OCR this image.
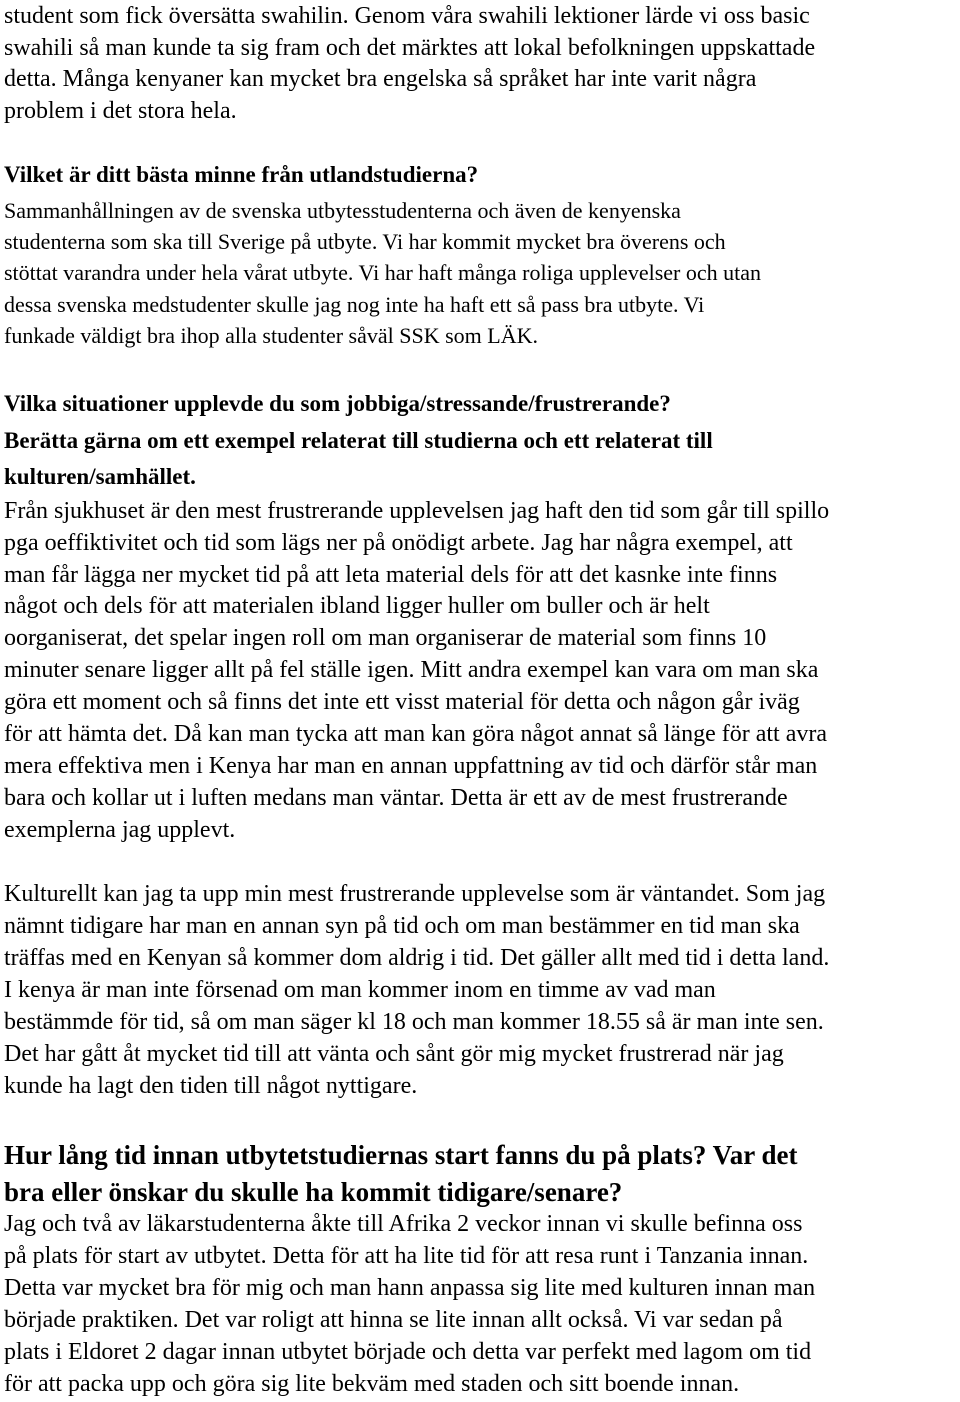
student som fick översätta swahilin. Genom våra swahili lektioner lärde vi oss basic
swahili så man kunde ta sig fram och det märktes att lokal befolkningen uppskattade
detta. Många kenyaner kan mycket bra engelska så språket har inte varit några
problem i det stora hela.
Vilket är ditt bästa minne från utlandstudierna?
Sammanhållningen av de svenska utbytesstudenterna och även de kenyenska
studenterna som ska till Sverige på utbyte. Vi har kommit mycket bra överens och
stöttat varandra under hela vårat utbyte. Vi har haft många roliga upplevelser och utan
dessa svenska medstudenter skulle jag nog inte ha haft ett så pass bra utbyte. Vi
funkade väldigt bra ihop alla studenter såväl SSK som LÄK.
Vilka situationer upplevde du som jobbiga/stressande/frustrerande?
Berätta gärna om ett exempel relaterat till studierna och ett relaterat till
kulturen/samhället.
Från sjukhuset är den mest frustrerande upplevelsen jag haft den tid som går till spillo
pga oeffiktivitet och tid som lägs ner på onödigt arbete. Jag har några exempel, att
man får lägga ner mycket tid på att leta material dels för att det kasnke inte finns
något och dels för att materialen ibland ligger huller om buller och är helt
oorganiserat, det spelar ingen roll om man organiserar de material som finns 10
minuter senare ligger allt på fel ställe igen. Mitt andra exempel kan vara om man ska
göra ett moment och så finns det inte ett visst material för detta och någon går iväg
för att hämta det. Då kan man tycka att man kan göra något annat så länge för att avra
mera effektiva men i Kenya har man en annan uppfattning av tid och därför står man
bara och kollar ut i luften medans man väntar. Detta är ett av de mest frustrerande
exemplerna jag upplevt.
Kulturellt kan jag ta upp min mest frustrerande upplevelse som är väntandet. Som jag
nämnt tidigare har man en annan syn på tid och om man bestämmer en tid man ska
träffas med en Kenyan så kommer dom aldrig i tid. Det gäller allt med tid i detta land.
I kenya är man inte försenad om man kommer inom en timme av vad man
bestämmde för tid, så om man säger kl 18 och man kommer 18.55 så är man inte sen.
Det har gått åt mycket tid till att vänta och sånt gör mig mycket frustrerad när jag
kunde ha lagt den tiden till något nyttigare.
Hur lång tid innan utbytetstudiernas start fanns du på plats? Var det
bra eller önskar du skulle ha kommit tidigare/senare?
Jag och två av läkarstudenterna åkte till Afrika 2 veckor innan vi skulle befinna oss
på plats för start av utbytet. Detta för att ha lite tid för att resa runt i Tanzania innan.
Detta var mycket bra för mig och man hann anpassa sig lite med kulturen innan man
började praktiken. Det var roligt att hinna se lite innan allt också. Vi var sedan på
plats i Eldoret 2 dagar innan utbytet började och detta var perfekt med lagom om tid
för att packa upp och göra sig lite bekväm med staden och sitt boende innan.
